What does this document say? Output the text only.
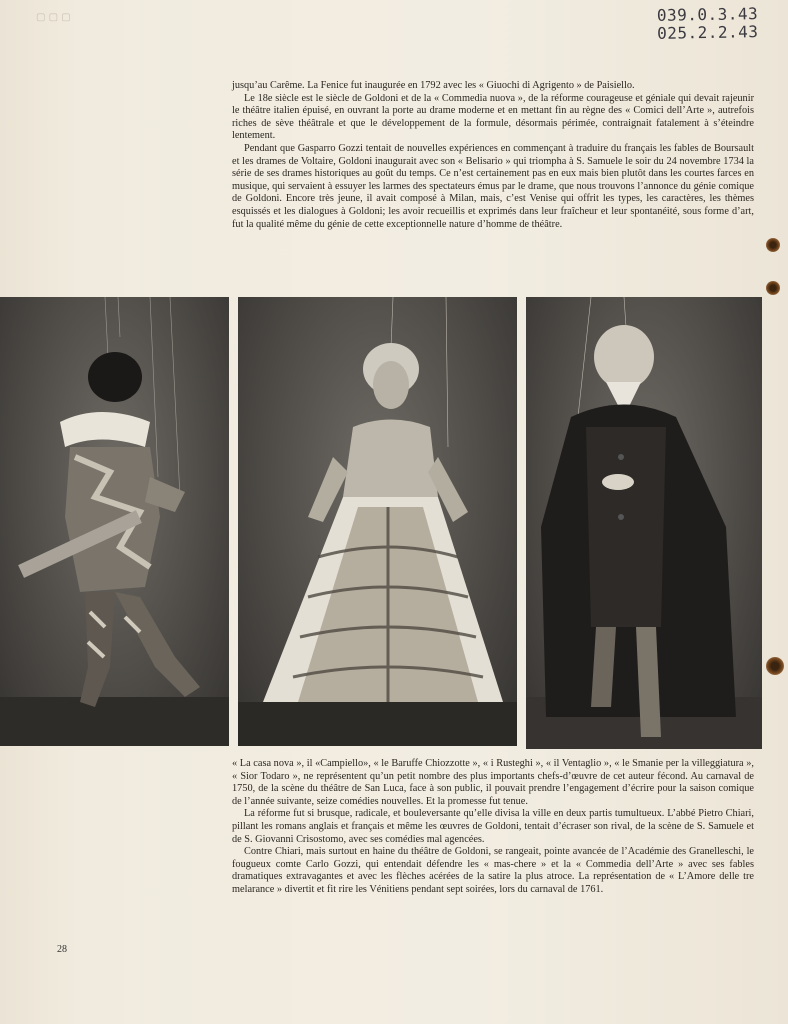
▢ ▢ ▢	039.0.3.43
025.2.2.43

jusqu’au Carême. La Fenice fut inaugurée en 1792 avec les « Giuochi di Agrigento » de Paisiello.

Le 18e siècle est le siècle de Goldoni et de la « Commedia nuova », de la réforme courageuse et géniale qui devait rajeunir le théâtre italien épuisé, en ouvrant la porte au drame moderne et en mettant fin au règne des « Comici dell’Arte », autrefois riches de sève théâtrale et que le développement de la formule, désormais périmée, contraignait fatalement à s’éteindre lentement.

Pendant que Gasparro Gozzi tentait de nouvelles expériences en commençant à traduire du français les fables de Boursault et les drames de Voltaire, Goldoni inaugurait avec son « Belisario » qui triompha à S. Samuele le soir du 24 novembre 1734 la série de ses drames historiques au goût du temps. Ce n’est certainement pas en eux mais bien plutôt dans les courtes farces en musique, qui servaient à essuyer les larmes des spectateurs émus par le drame, que nous trouvons l’annonce du génie comique de Goldoni. Encore très jeune, il avait composé à Milan, mais, c’est Venise qui offrit les types, les caractères, les thèmes esquissés et les dialogues à Goldoni; les avoir recueillis et exprimés dans leur fraîcheur et leur spontanéité, sous forme d’art, fut la qualité même du génie de cette exceptionnelle nature d’homme de théâtre.

« La casa nova », il «Campiello», « le Baruffe Chiozzotte », « i Rusteghi », « il Ventaglio », « le Smanie per la villeggiatura », « Sior Todaro », ne représentent qu’un petit nombre des plus importants chefs-d’œuvre de cet auteur fécond. Au carnaval de 1750, de la scène du théâtre de San Luca, face à son public, il pouvait prendre l’engagement d’écrire pour la saison comique de l’année suivante, seize comédies nouvelles. Et la promesse fut tenue.

La réforme fut si brusque, radicale, et bouleversante qu’elle divisa la ville en deux partis tumultueux. L’abbé Pietro Chiari, pillant les romans anglais et français et même les œuvres de Goldoni, tentait d’écraser son rival, de la scène de S. Samuele et de S. Giovanni Crisostomo, avec ses comédies mal agencées.

Contre Chiari, mais surtout en haine du théâtre de Goldoni, se rangeait, pointe avancée de l’Académie des Granelleschi, le fougueux comte Carlo Gozzi, qui entendait défendre les « mas-chere » et la « Commedia dell’Arte » avec ses fables dramatiques extravagantes et avec les flèches acérées de la satire la plus atroce. La représentation de « L’Amore delle tre melarance » divertit et fit rire les Vénitiens pendant sept soirées, lors du carnaval de 1761.

28
